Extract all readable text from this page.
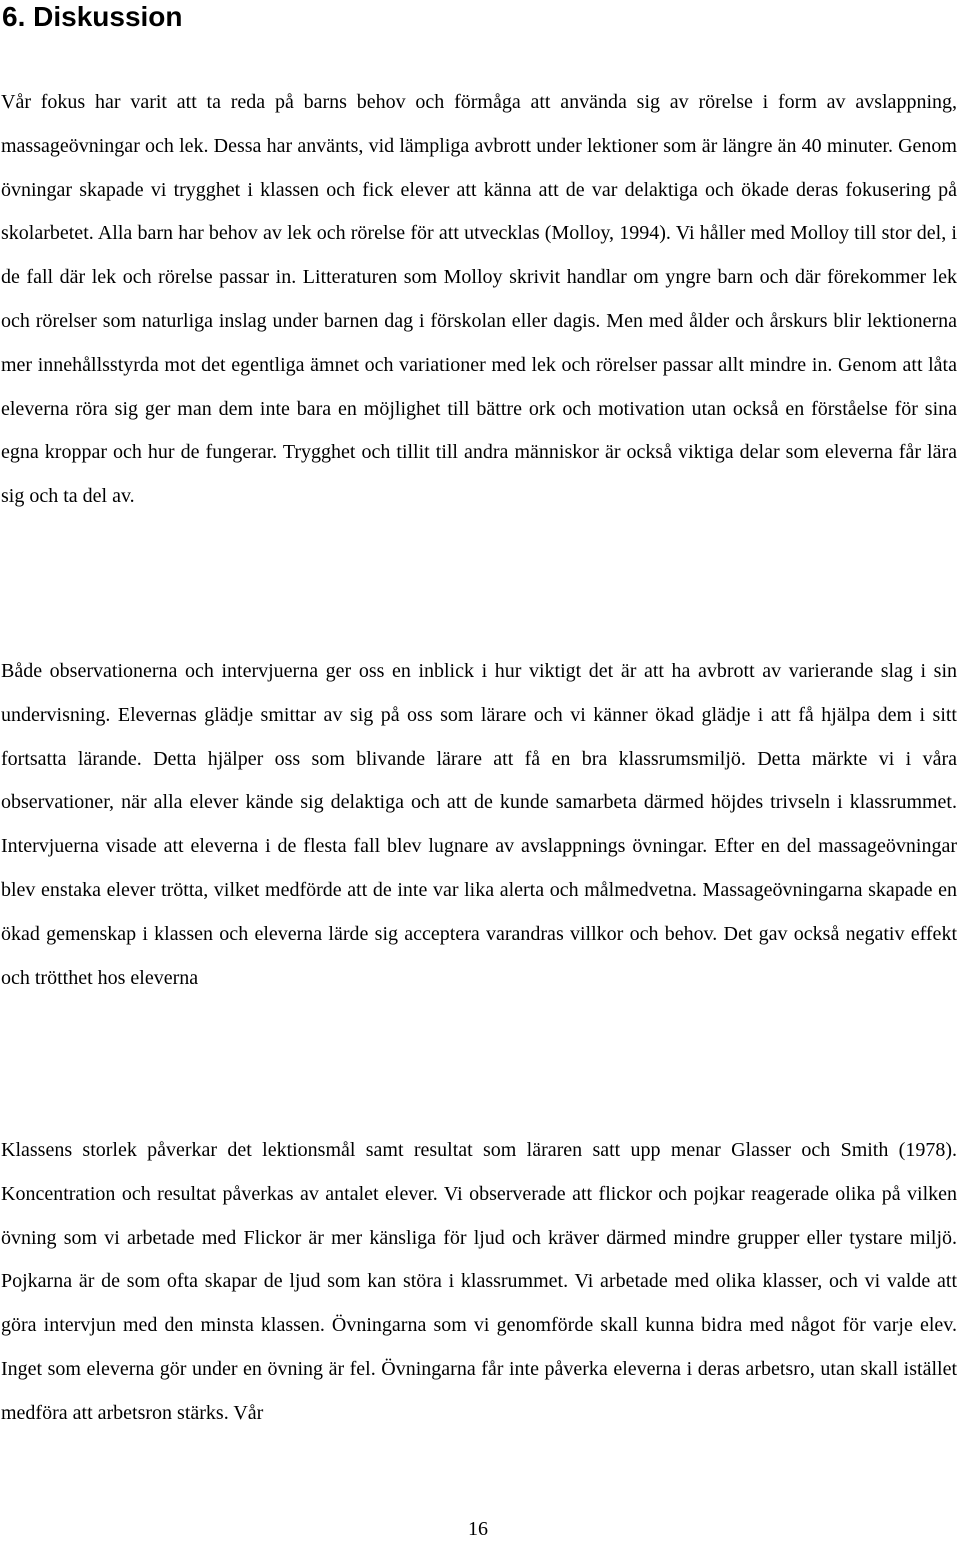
6. Diskussion

Vår fokus har varit att ta reda på barns behov och förmåga att använda sig av rörelse i form av avslappning, massageövningar och lek. Dessa har använts, vid lämpliga avbrott under lektioner som är längre än 40 minuter. Genom övningar skapade vi trygghet i klassen och fick elever att känna att de var delaktiga och ökade deras fokusering på skolarbetet. Alla barn har behov av lek och rörelse för att utvecklas (Molloy, 1994). Vi håller med Molloy till stor del, i de fall där lek och rörelse passar in. Litteraturen som Molloy skrivit handlar om yngre barn och där förekommer lek och rörelser som naturliga inslag under barnen dag i förskolan eller dagis. Men med ålder och årskurs blir lektionerna mer innehållsstyrda mot det egentliga ämnet och variationer med lek och rörelser passar allt mindre in. Genom att låta eleverna röra sig ger man dem inte bara en möjlighet till bättre ork och motivation utan också en förståelse för sina egna kroppar och hur de fungerar. Trygghet och tillit till andra människor är också viktiga delar som eleverna får lära sig och ta del av.

Både observationerna och intervjuerna ger oss en inblick i hur viktigt det är att ha avbrott av varierande slag i sin undervisning. Elevernas glädje smittar av sig på oss som lärare och vi känner ökad glädje i att få hjälpa dem i sitt fortsatta lärande. Detta hjälper oss som blivande lärare att få en bra klassrumsmiljö. Detta märkte vi i våra observationer, när alla elever kände sig delaktiga och att de kunde samarbeta därmed höjdes trivseln i klassrummet. Intervjuerna visade att eleverna i de flesta fall blev lugnare av avslappnings övningar. Efter en del massageövningar blev enstaka elever trötta, vilket medförde att de inte var lika alerta och målmedvetna. Massageövningarna skapade en ökad gemenskap i klassen och eleverna lärde sig acceptera varandras villkor och behov. Det gav också negativ effekt och trötthet hos eleverna

Klassens storlek påverkar det lektionsmål samt resultat som läraren satt upp menar Glasser och Smith (1978). Koncentration och resultat påverkas av antalet elever. Vi observerade att flickor och pojkar reagerade olika på vilken övning som vi arbetade med Flickor är mer känsliga för ljud och kräver därmed mindre grupper eller tystare miljö. Pojkarna är de som ofta skapar de ljud som kan störa i klassrummet. Vi arbetade med olika klasser, och vi valde att göra intervjun med den minsta klassen. Övningarna som vi genomförde skall kunna bidra med något för varje elev. Inget som eleverna gör under en övning är fel. Övningarna får inte påverka eleverna i deras arbetsro, utan skall istället medföra att arbetsron stärks. Vår

16
